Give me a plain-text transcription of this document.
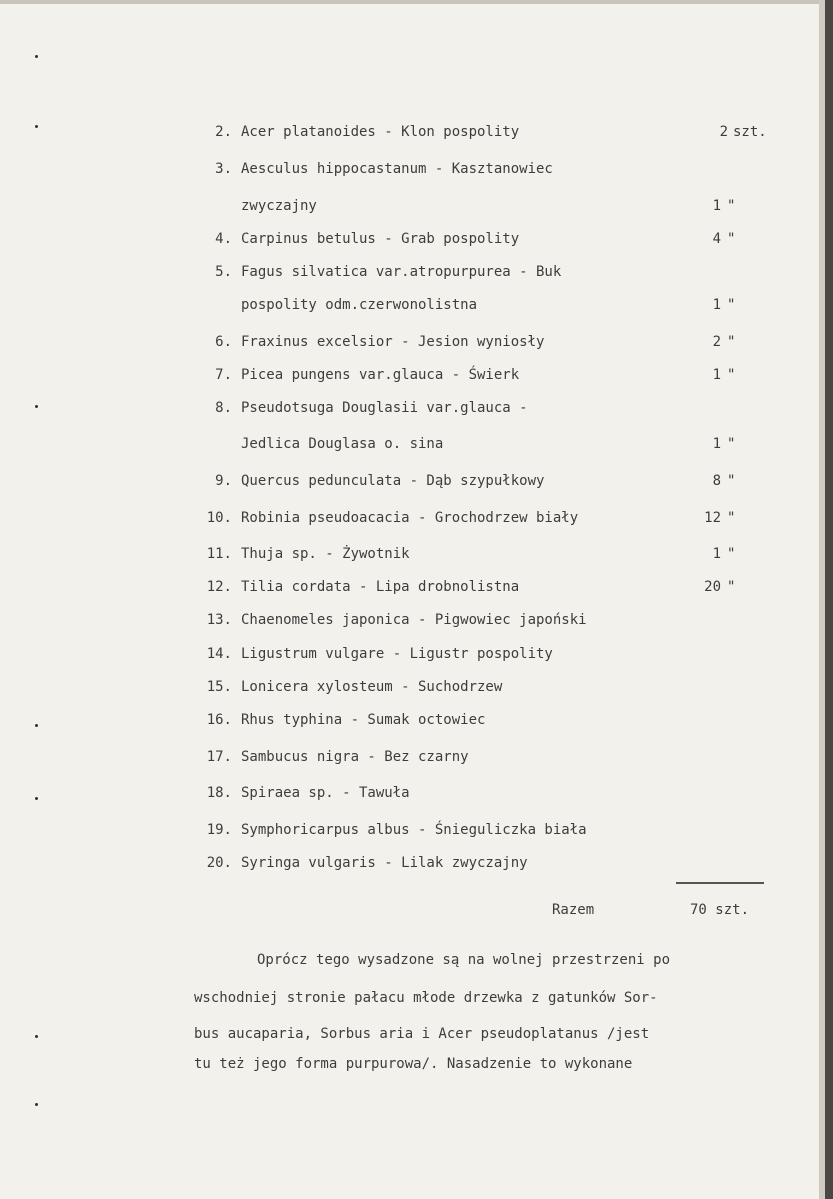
2. Acer platanoides - Klon pospolity	2 szt.
3. Aesculus hippocastanum - Kasztanowiec
zwyczajny	1 "
4. Carpinus betulus - Grab pospolity	4 "
5. Fagus silvatica var.atropurpurea - Buk
pospolity odm.czerwonolistna	1 "
6. Fraxinus excelsior - Jesion wyniosły	2 "
7. Picea pungens var.glauca - Świerk	1 "
8. Pseudotsuga Douglasii var.glauca -
Jedlica Douglasa o. sina	1 "
9. Quercus pedunculata - Dąb szypułkowy	8 "
10. Robinia pseudoacacia - Grochodrzew biały	12 "
11. Thuja sp. - Żywotnik	1 "
12. Tilia cordata - Lipa drobnolistna	20 "
13. Chaenomeles japonica - Pigwowiec japoński
14. Ligustrum vulgare - Ligustr pospolity
15. Lonicera xylosteum - Suchodrzew
16. Rhus typhina - Sumak octowiec
17. Sambucus nigra - Bez czarny
18. Spiraea sp. - Tawuła
19. Symphoricarpus albus - Śnieguliczka biała
20. Syringa vulgaris - Lilak zwyczajny
Razem	70 szt.
Oprócz tego wysadzone są na wolnej przestrzeni po
wschodniej stronie pałacu młode drzewka z gatunków Sor-
bus aucaparia, Sorbus aria i Acer pseudoplatanus /jest
tu też jego forma purpurowa/. Nasadzenie to wykonane
